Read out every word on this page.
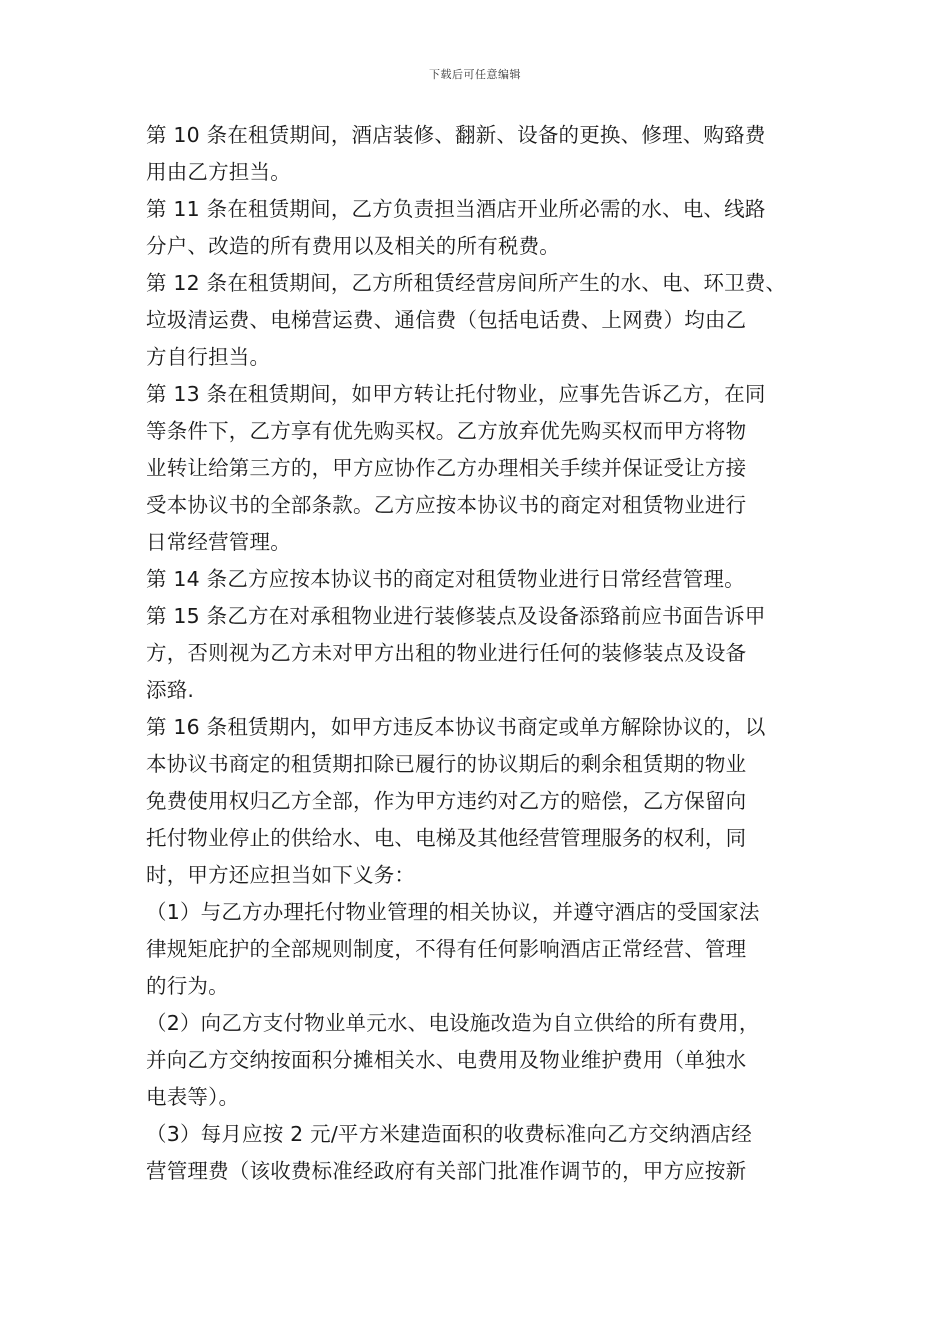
下载后可任意编辑
第 10 条在租赁期间，酒店装修、翻新、设备的更换、修理、购臵费
用由乙方担当。
第 11 条在租赁期间，乙方负责担当酒店开业所必需的水、电、线路
分户、改造的所有费用以及相关的所有税费。
第 12 条在租赁期间，乙方所租赁经营房间所产生的水、电、环卫费、
垃圾清运费、电梯营运费、通信费（包括电话费、上网费）均由乙
方自行担当。
第 13 条在租赁期间，如甲方转让托付物业，应事先告诉乙方，在同
等条件下，乙方享有优先购买权。乙方放弃优先购买权而甲方将物
业转让给第三方的，甲方应协作乙方办理相关手续并保证受让方接
受本协议书的全部条款。乙方应按本协议书的商定对租赁物业进行
日常经营管理。
第 14 条乙方应按本协议书的商定对租赁物业进行日常经营管理。
第 15 条乙方在对承租物业进行装修装点及设备添臵前应书面告诉甲
方，否则视为乙方未对甲方出租的物业进行任何的装修装点及设备
添臵.
第 16 条租赁期内，如甲方违反本协议书商定或单方解除协议的，以
本协议书商定的租赁期扣除已履行的协议期后的剩余租赁期的物业
免费使用权归乙方全部，作为甲方违约对乙方的赔偿，乙方保留向
托付物业停止的供给水、电、电梯及其他经营管理服务的权利，同
时，甲方还应担当如下义务：
（1）与乙方办理托付物业管理的相关协议，并遵守酒店的受国家法
律规矩庇护的全部规则制度，不得有任何影响酒店正常经营、管理
的行为。
（2）向乙方支付物业单元水、电设施改造为自立供给的所有费用，
并向乙方交纳按面积分摊相关水、电费用及物业维护费用（单独水
电表等）。
（3）每月应按 2 元/平方米建造面积的收费标准向乙方交纳酒店经
营管理费（该收费标准经政府有关部门批准作调节的，甲方应按新
